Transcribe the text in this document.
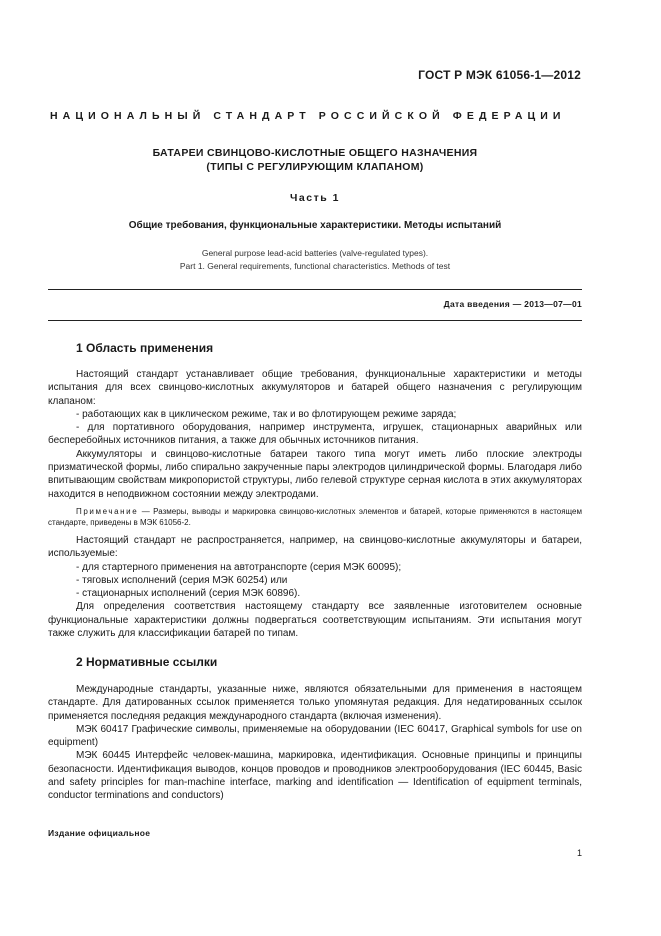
ГОСТ Р МЭК 61056-1—2012
НАЦИОНАЛЬНЫЙ СТАНДАРТ РОССИЙСКОЙ ФЕДЕРАЦИИ
БАТАРЕИ СВИНЦОВО-КИСЛОТНЫЕ ОБЩЕГО НАЗНАЧЕНИЯ
(ТИПЫ С РЕГУЛИРУЮЩИМ КЛАПАНОМ)
Часть 1
Общие требования, функциональные характеристики. Методы испытаний
General purpose lead-acid batteries (valve-regulated types).
Part 1. General requirements, functional characteristics. Methods of test
Дата введения — 2013—07—01
1 Область применения

Настоящий стандарт устанавливает общие требования, функциональные характеристики и методы испытания для всех свинцово-кислотных аккумуляторов и батарей общего назначения с регулирующим клапаном:

- работающих как в циклическом режиме, так и во флотирующем режиме заряда;

- для портативного оборудования, например инструмента, игрушек, стационарных аварийных или бесперебойных источников питания, а также для обычных источников питания.

Аккумуляторы и свинцово-кислотные батареи такого типа могут иметь либо плоские электроды призматической формы, либо спирально закрученные пары электродов цилиндрической формы. Благодаря либо впитывающим свойствам микропористой структуры, либо гелевой структуре серная кислота в этих аккумуляторах находится в неподвижном состоянии между электродами.

Примечание — Размеры, выводы и маркировка свинцово-кислотных элементов и батарей, которые применяются в настоящем стандарте, приведены в МЭК 61056-2.

Настоящий стандарт не распространяется, например, на свинцово-кислотные аккумуляторы и батареи, используемые:

- для стартерного применения на автотранспорте (серия МЭК 60095);

- тяговых исполнений (серия МЭК 60254) или

- стационарных исполнений (серия МЭК 60896).

Для определения соответствия настоящему стандарту все заявленные изготовителем основные функциональные характеристики должны подвергаться соответствующим испытаниям. Эти испытания могут также служить для классификации батарей по типам.

2 Нормативные ссылки

Международные стандарты, указанные ниже, являются обязательными для применения в настоящем стандарте. Для датированных ссылок применяется только упомянутая редакция. Для недатированных ссылок применяется последняя редакция международного стандарта (включая изменения).

МЭК 60417 Графические символы, применяемые на оборудовании (IEC 60417, Graphical symbols for use on equipment)

МЭК 60445 Интерфейс человек-машина, маркировка, идентификация. Основные принципы и принципы безопасности. Идентификация выводов, концов проводов и проводников электрооборудования (IEC 60445, Basic and safety principles for man-machine interface, marking and identification — Identification of equipment terminals, conductor terminations and conductors)

Издание официальное
1
